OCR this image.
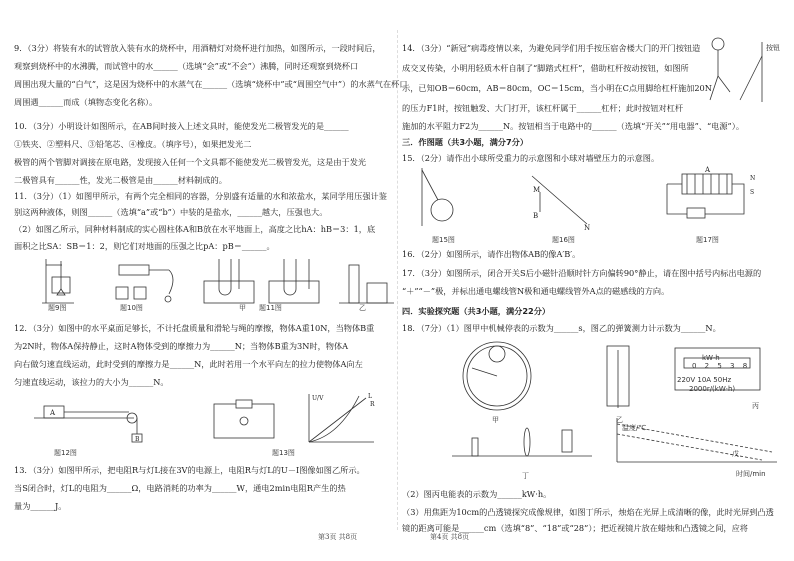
9．（3分）将装有水的试管放入装有水的烧杯中，用酒精灯对烧杯进行加热，如图所示，一段时间后，
观察到烧杯中的水沸腾，而试管中的水______（选填“会”或“不会”）沸腾，同时还观察到烧杯口
周围出现大量的“白气”，这是因为烧杯中的水蒸气在______（选填“烧杯中”或“周围空气中”）的水蒸气在杯口
周围遇______而成（填物态变化名称）。
10．（3分）小明设计如图所示，在AB间时接入上述文具时，能使发光二极管发光的是______
①铁夹、②塑料尺、③铅笔芯、④橡皮。（填序号），如果把发光二
极管的两个管脚对调接在原电路，发现接入任何一个文具都不能使发光二极管发光，这是由于发光
二极管具有______性，发光二极管是由______材料制成的。
11．（3分）（1）如图甲所示，有两个完全相同的容器，分别盛有适量的水和浓盐水，某同学用压强计鉴
别这两种液体，则图______（选填“a”或“b”）中装的是盐水，______越大，压强也大。
（2）如图乙所示，同种材料制成的实心圆柱体A和B放在水平地面上，高度之比hA：hB＝3：1，底
面积之比SA：SB＝1：2，则它们对地面的压强之比pA：pB＝______。
题9图	题10图	题11图
甲	乙
12．（3分）如图中的水平桌面足够长，不计托盘质量和滑轮与绳的摩擦，物体A重10N，当物体B重
为2N时，物体A保持静止，这时A物体受到的摩擦力为______N；当物体B重为3N时，物体A
向右做匀速直线运动，此时受到的摩擦力是______N，此时若用一个水平向左的拉力使物体A向左
匀速直线运动，该拉力的大小为______N。
A
B
U/V	L
R
题12图	题13图
13．（3分）如图甲所示，把电阻R与灯L接在3V的电源上，电阻R与灯L的U－I图像如图乙所示。
当S闭合时，灯L的电阻为______Ω，电路消耗的功率为______W，通电2min电阻R产生的热
量为______J。
第3页 共8页
14．（3分）“新冠”病毒疫情以来，为避免同学们用手按压宿舍楼大门的开门按钮造
成交叉传染，小明用轻质木杆自制了“脚踏式杠杆”，借助杠杆按动按钮，如图所
示，已知OB＝60cm，AB＝80cm，OC＝15cm，当小明在C点用脚给杠杆施加20N
的压力F1时，按钮触发、大门打开，该杠杆属于______杠杆；此时按钮对杠杆
施加的水平阻力F2为______N。按钮相当于电路中的______（选填“开关”“用电器”、“电源”）。
三．作图题（共3小题，满分7分）
15．（2分）请作出小球所受重力的示意图和小球对墙壁压力的示意图。
M
B
N
A
N
S
题15图	题16图	题17图
16．（2分）如图所示，请作出物体AB的像A′B′。
17．（3分）如图所示，闭合开关S后小磁针沿顺时针方向偏转90°静止，请在图中括号内标出电源的
“＋”“－”极，并标出通电螺线管N极和通电螺线管外A点的磁感线的方向。
四．实验探究题（共3小题，满分22分）
18．（7分）（1）图甲中机械停表的示数为______s，图乙的弹簧测力计示数为______N。
kW·h
0 2 5 3 8
220V 10A 50Hz
2000r/(kW·h)
温度/℃
时间/min
甲	乙
丙
丁
戊
（2）图丙电能表的示数为______kW·h。
（3）用焦距为10cm的凸透镜探究成像规律，如图丁所示，烛焰在光屏上成清晰的像，此时光屏到凸透
镜的距离可能是______cm（选填“8”、“18”或“28”）；把近视镜片放在蜡烛和凸透镜之间，应将
按钮
第4页 共8页
